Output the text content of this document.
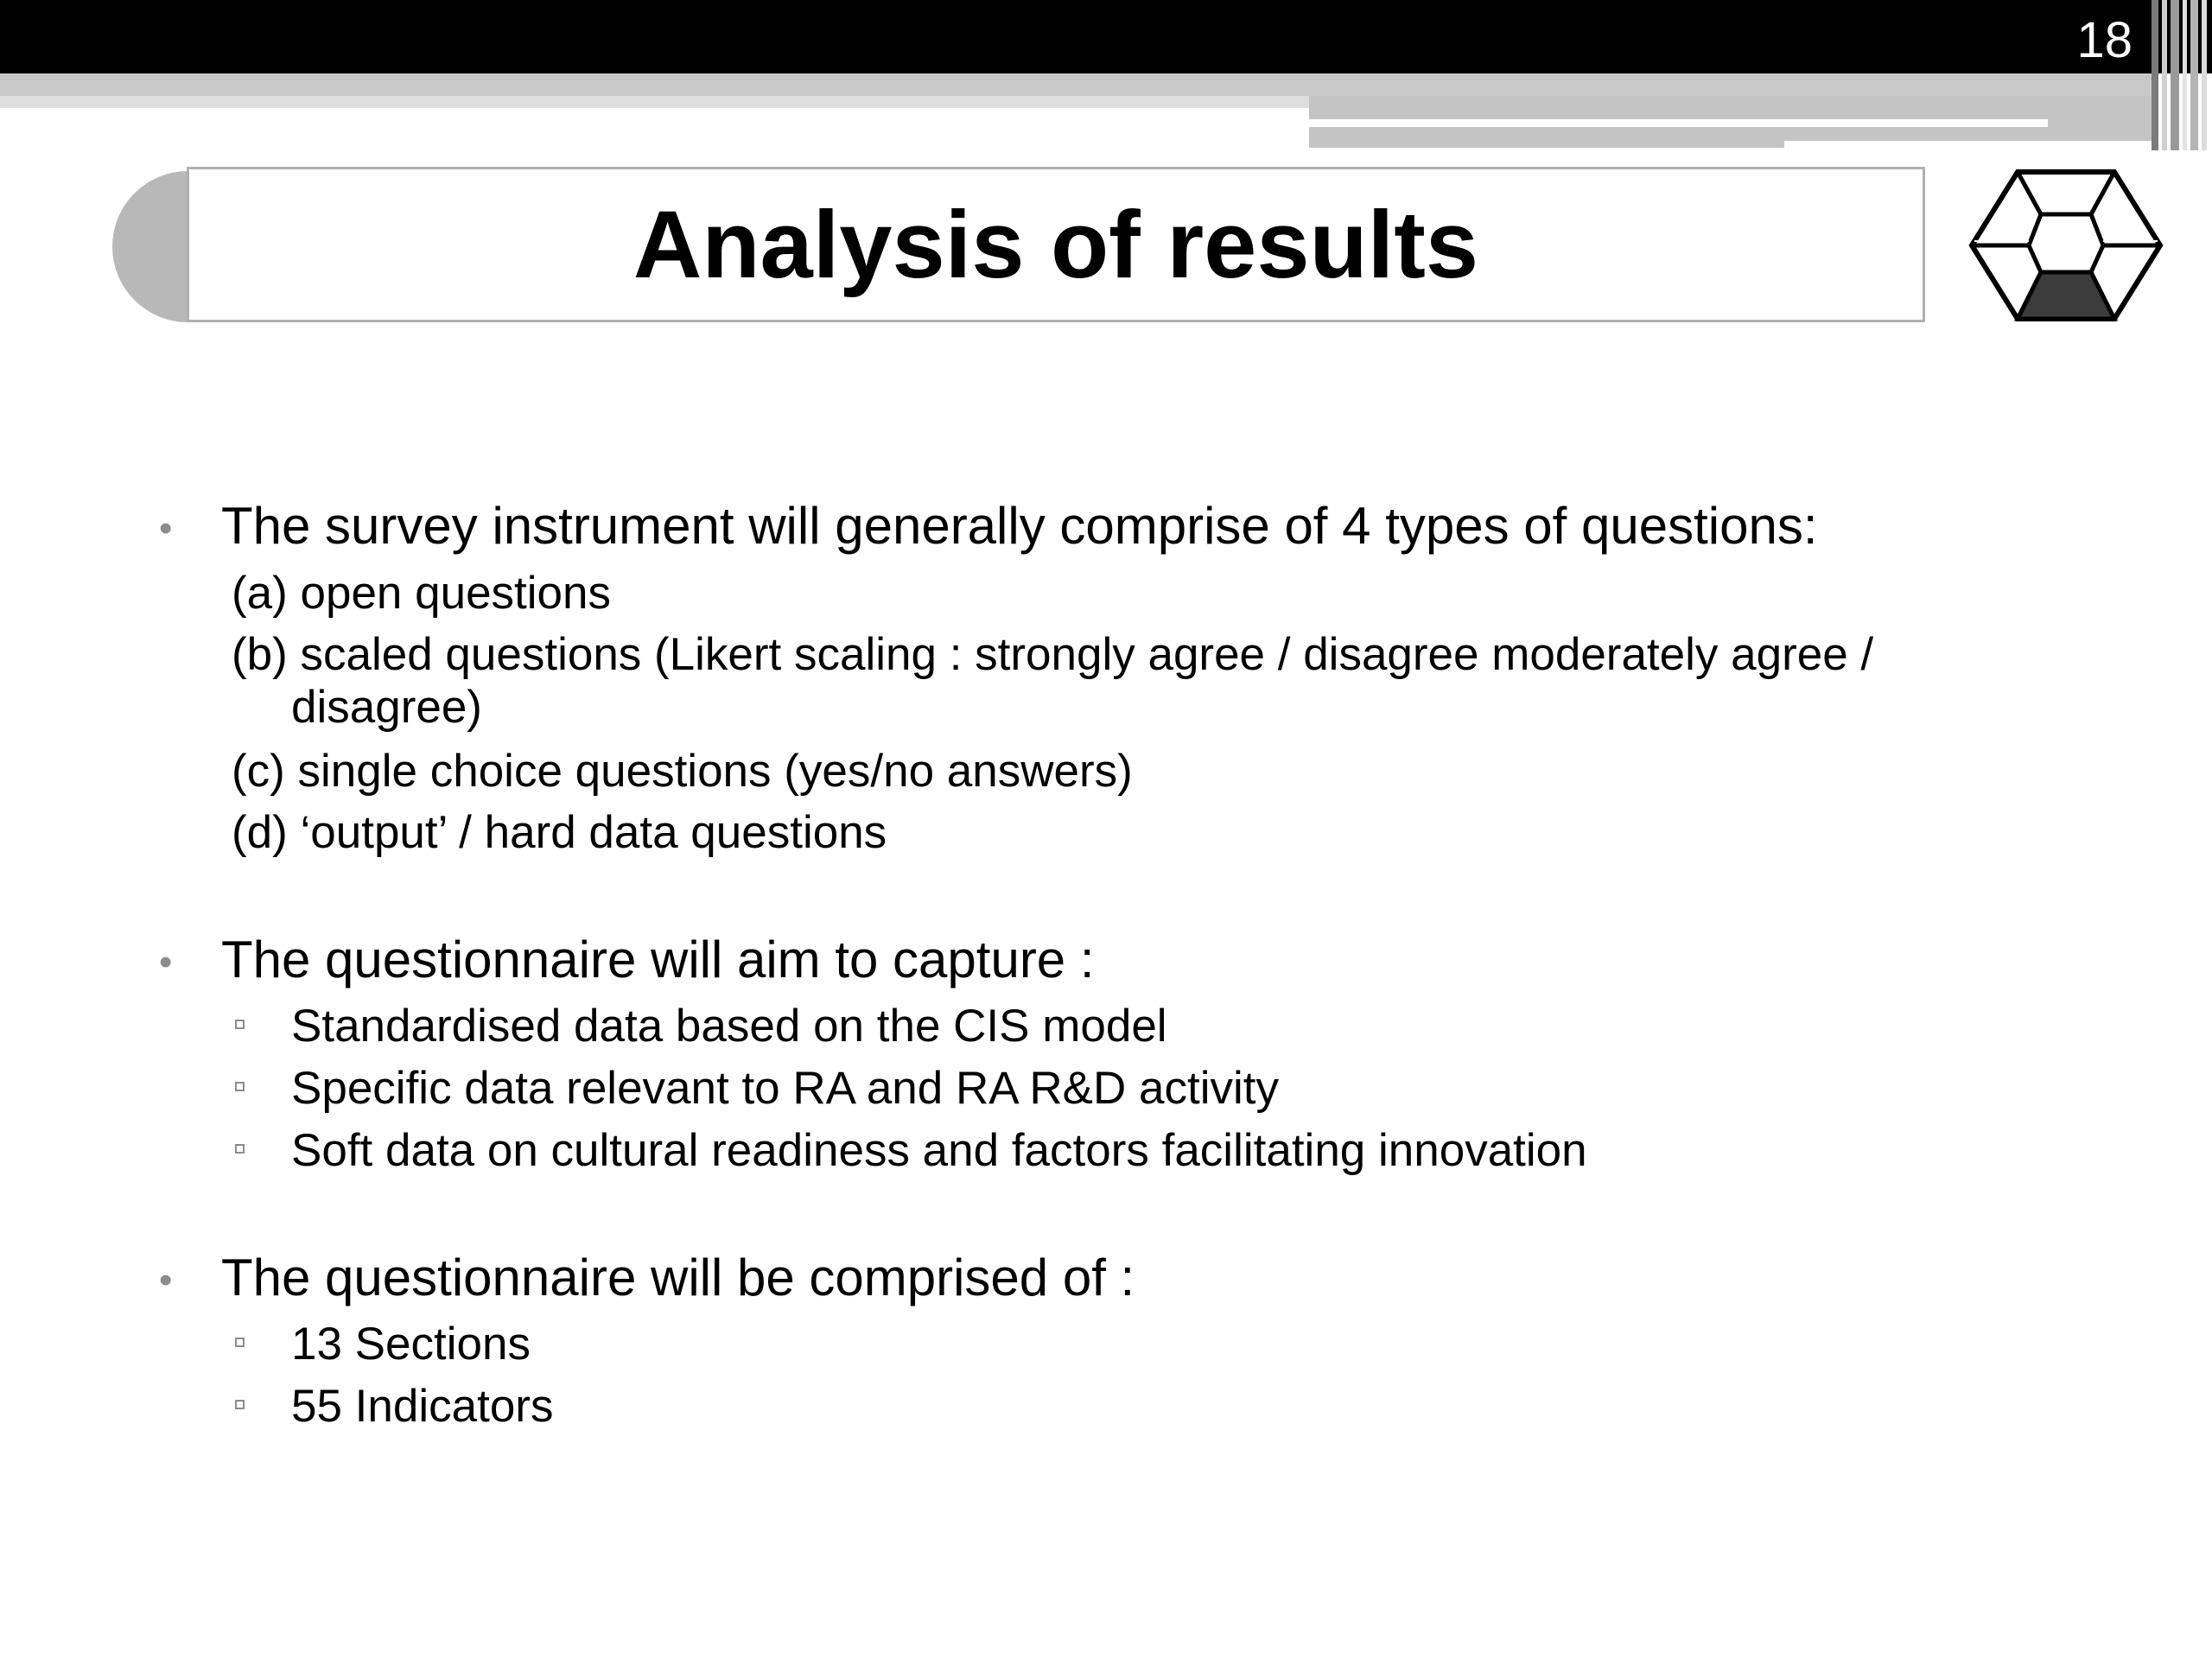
18
Analysis of results
• The survey instrument will generally comprise of 4 types of questions:
(a) open questions
(b) scaled questions (Likert scaling : strongly agree / disagree moderately agree /
disagree)
(c) single choice questions (yes/no answers)
(d) ‘output’ / hard data questions
• The questionnaire will aim to capture :
Standardised data based on the CIS model
Specific data relevant to RA and RA R&D activity
Soft data on cultural readiness and factors facilitating innovation
• The questionnaire will be comprised of :
13 Sections
55 Indicators
